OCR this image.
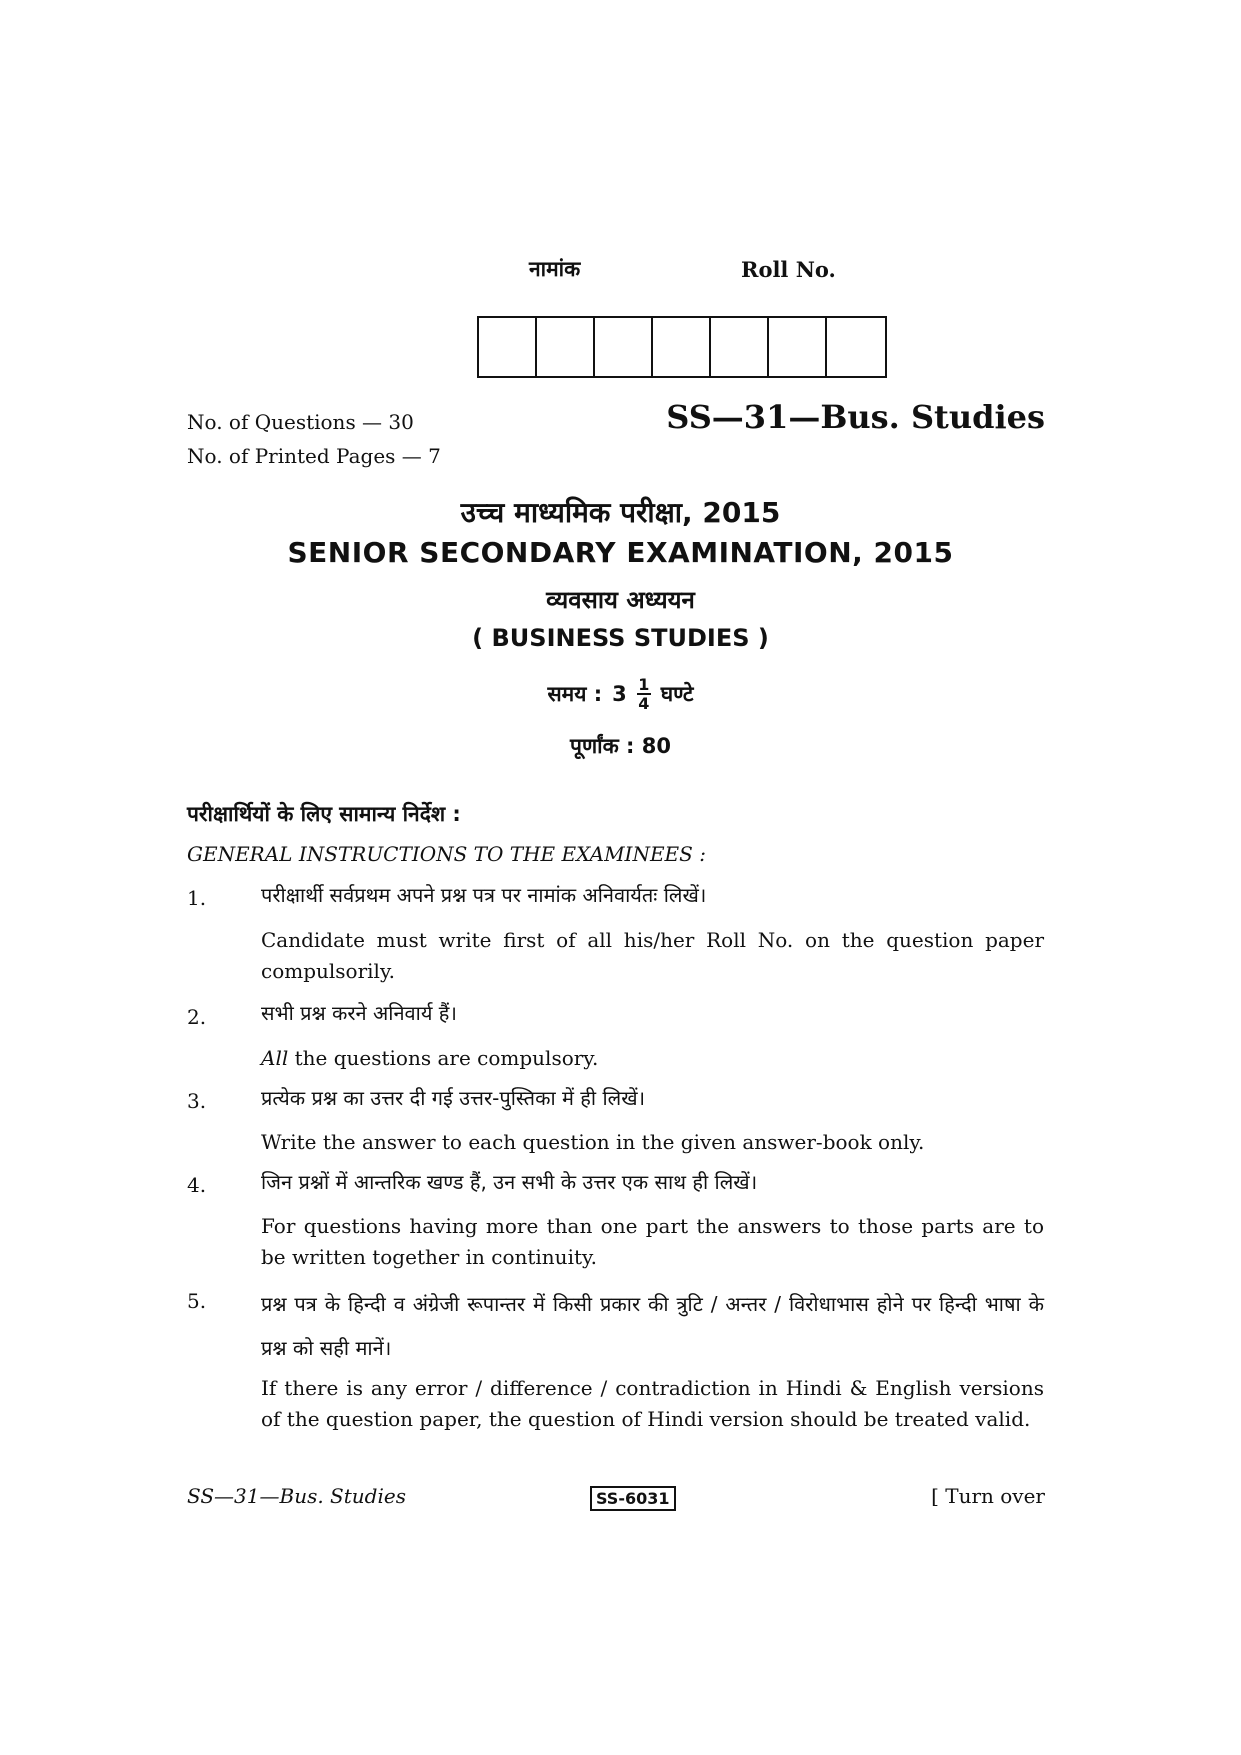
नामांक	Roll No.
No. of Questions — 30
No. of Printed Pages — 7
SS—31—Bus. Studies
उच्च माध्यमिक परीक्षा, 2015
SENIOR SECONDARY EXAMINATION, 2015
व्यवसाय अध्ययन
( BUSINESS STUDIES )
समय : $3 \frac{1}{4}$ घण्टे
पूर्णांक : 80
परीक्षार्थियों के लिए सामान्य निर्देश :
GENERAL INSTRUCTIONS TO THE EXAMINEES :
1.	परीक्षार्थी सर्वप्रथम अपने प्रश्न पत्र पर नामांक अनिवार्यतः लिखें।
Candidate must write first of all his/her Roll No. on the question paper compulsorily.
2.	सभी प्रश्न करने अनिवार्य हैं।
All the questions are compulsory.
3.	प्रत्येक प्रश्न का उत्तर दी गई उत्तर-पुस्तिका में ही लिखें।
Write the answer to each question in the given answer-book only.
4.	जिन प्रश्नों में आन्तरिक खण्ड हैं, उन सभी के उत्तर एक साथ ही लिखें।
For questions having more than one part the answers to those parts are to be written together in continuity.
5.	प्रश्न पत्र के हिन्दी व अंग्रेजी रूपान्तर में किसी प्रकार की त्रुटि / अन्तर / विरोधाभास होने पर हिन्दी भाषा के प्रश्न को सही मानें।
If there is any error / difference / contradiction in Hindi & English versions of the question paper, the question of Hindi version should be treated valid.
SS—31—Bus. Studies	SS-6031	[ Turn over
